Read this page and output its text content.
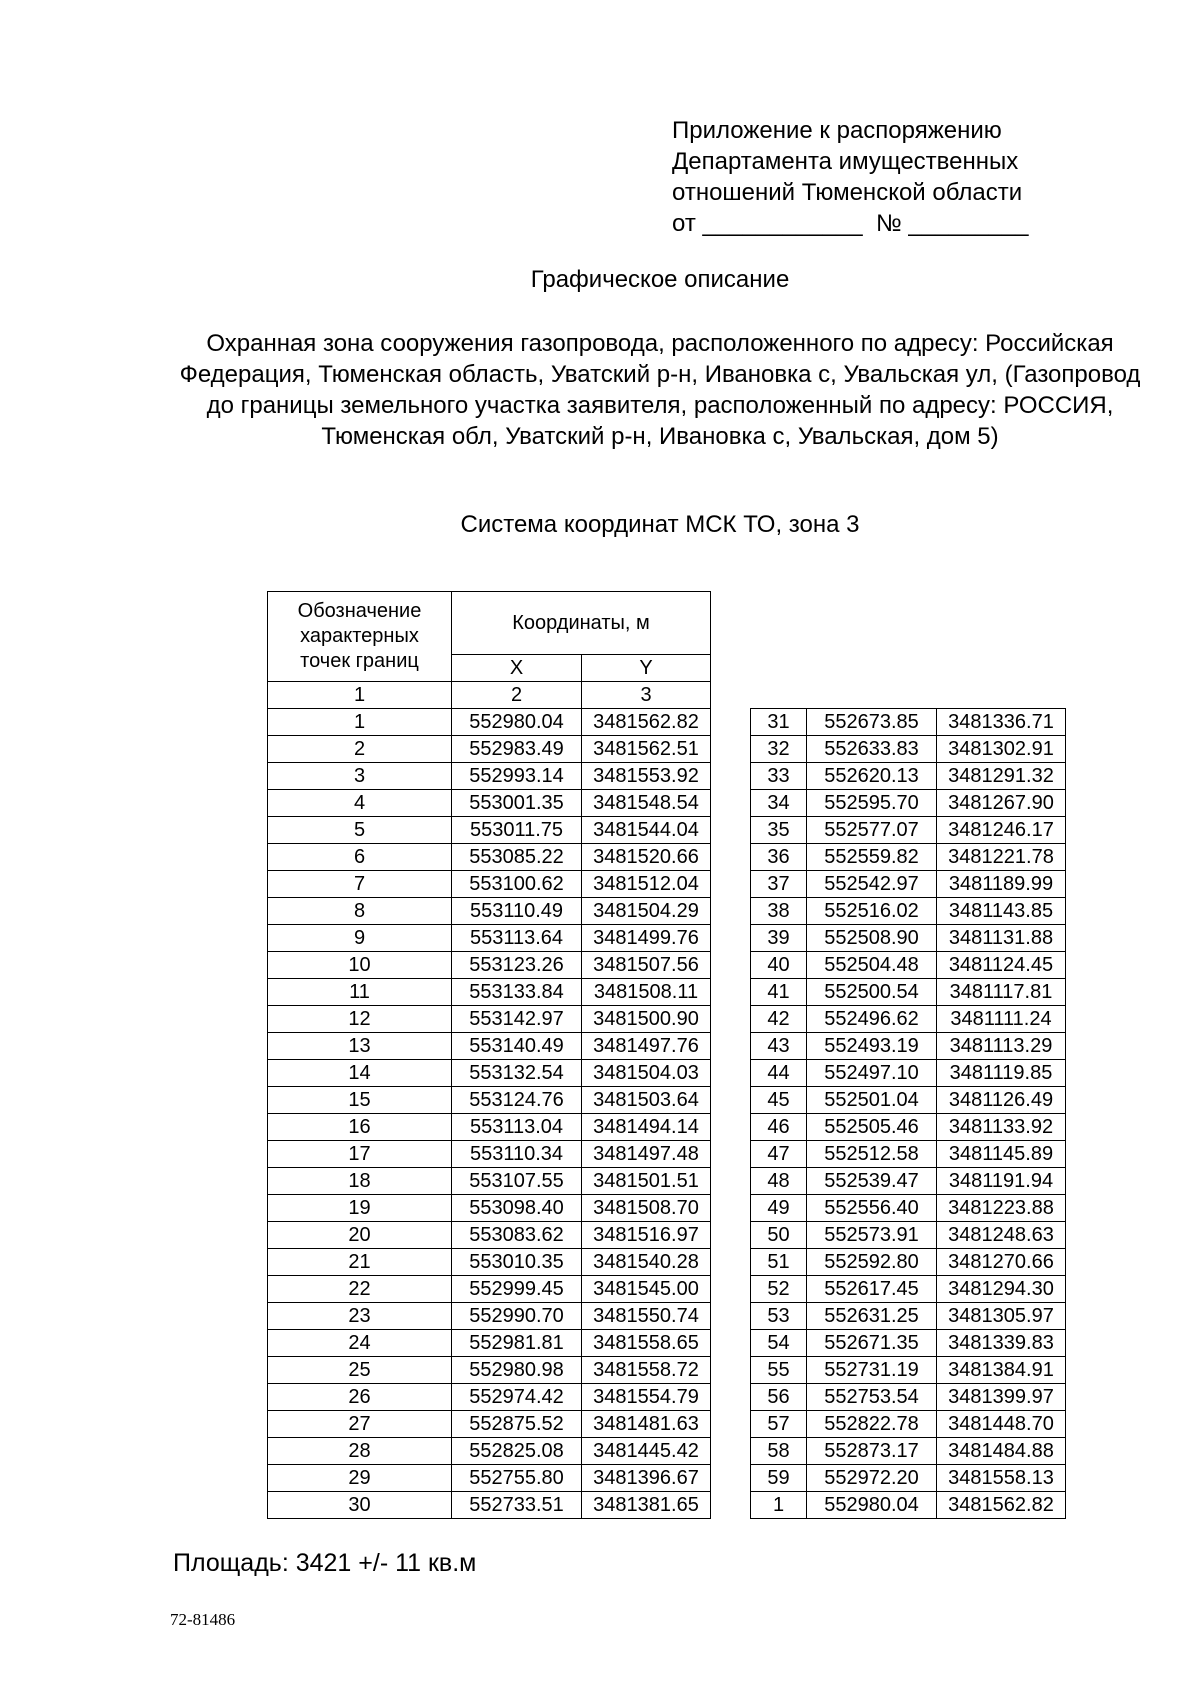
Приложение к распоряжению
Департамента имущественных
отношений Тюменской области
от ____________  № _________
Графическое описание
Охранная зона сооружения газопровода, расположенного по адресу: Российская Федерация, Тюменская область, Уватский р-н, Ивановка с, Увальская ул, (Газопровод до границы земельного участка заявителя, расположенный по адресу: РОССИЯ, Тюменская обл, Уватский р-н, Ивановка с, Увальская, дом 5)
Система координат МСК ТО, зона 3
Обозначение характерных точек границ	Координаты, м	
	X	Y
1	2	3
1	552980.04	3481562.82
2	552983.49	3481562.51
3	552993.14	3481553.92
4	553001.35	3481548.54
5	553011.75	3481544.04
6	553085.22	3481520.66
7	553100.62	3481512.04
8	553110.49	3481504.29
9	553113.64	3481499.76
10	553123.26	3481507.56
11	553133.84	3481508.11
12	553142.97	3481500.90
13	553140.49	3481497.76
14	553132.54	3481504.03
15	553124.76	3481503.64
16	553113.04	3481494.14
17	553110.34	3481497.48
18	553107.55	3481501.51
19	553098.40	3481508.70
20	553083.62	3481516.97
21	553010.35	3481540.28
22	552999.45	3481545.00
23	552990.70	3481550.74
24	552981.81	3481558.65
25	552980.98	3481558.72
26	552974.42	3481554.79
27	552875.52	3481481.63
28	552825.08	3481445.42
29	552755.80	3481396.67
30	552733.51	3481381.65
31	552673.85	3481336.71
32	552633.83	3481302.91
33	552620.13	3481291.32
34	552595.70	3481267.90
35	552577.07	3481246.17
36	552559.82	3481221.78
37	552542.97	3481189.99
38	552516.02	3481143.85
39	552508.90	3481131.88
40	552504.48	3481124.45
41	552500.54	3481117.81
42	552496.62	3481111.24
43	552493.19	3481113.29
44	552497.10	3481119.85
45	552501.04	3481126.49
46	552505.46	3481133.92
47	552512.58	3481145.89
48	552539.47	3481191.94
49	552556.40	3481223.88
50	552573.91	3481248.63
51	552592.80	3481270.66
52	552617.45	3481294.30
53	552631.25	3481305.97
54	552671.35	3481339.83
55	552731.19	3481384.91
56	552753.54	3481399.97
57	552822.78	3481448.70
58	552873.17	3481484.88
59	552972.20	3481558.13
1	552980.04	3481562.82
Площадь: 3421 +/- 11 кв.м
72-81486
